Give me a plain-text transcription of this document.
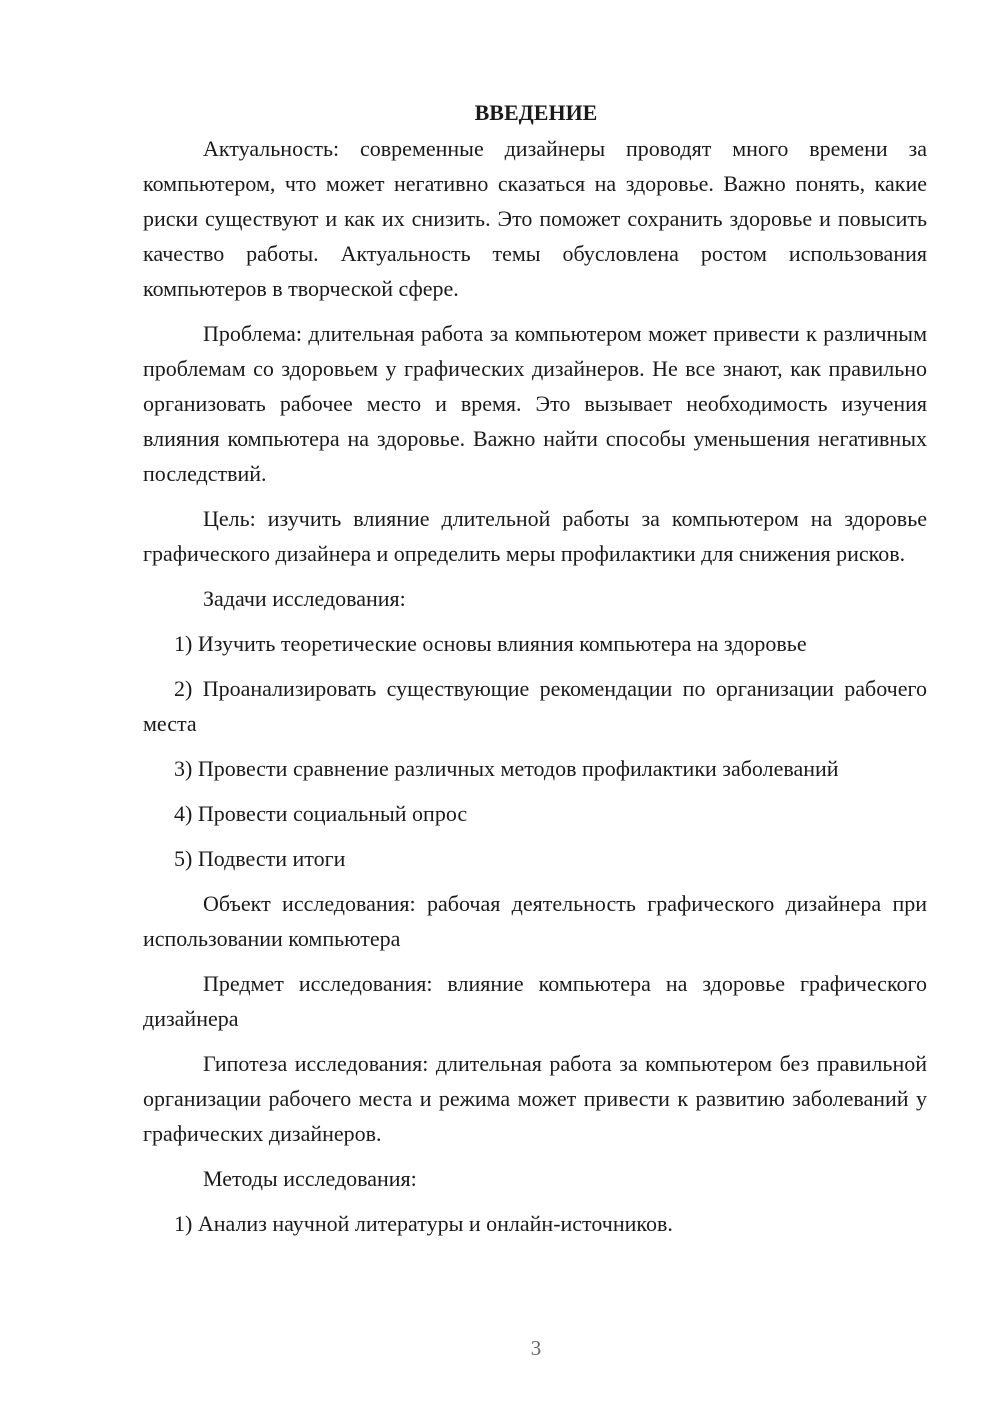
ВВЕДЕНИЕ

Актуальность: современные дизайнеры проводят много времени за компьютером, что может негативно сказаться на здоровье. Важно понять, какие риски существуют и как их снизить. Это поможет сохранить здоровье и повысить качество работы. Актуальность темы обусловлена ростом использования компьютеров в творческой сфере.

Проблема: длительная работа за компьютером может привести к различным проблемам со здоровьем у графических дизайнеров. Не все знают, как правильно организовать рабочее место и время. Это вызывает необходимость изучения влияния компьютера на здоровье. Важно найти способы уменьшения негативных последствий.

Цель: изучить влияние длительной работы за компьютером на здоровье графического дизайнера и определить меры профилактики для снижения рисков.

Задачи исследования:

1) Изучить теоретические основы влияния компьютера на здоровье

2) Проанализировать существующие рекомендации по организации рабочего места

3) Провести сравнение различных методов профилактики заболеваний

4) Провести социальный опрос

5) Подвести итоги

Объект исследования: рабочая деятельность графического дизайнера при использовании компьютера

Предмет исследования: влияние компьютера на здоровье графического дизайнера

Гипотеза исследования: длительная работа за компьютером без правильной организации рабочего места и режима может привести к развитию заболеваний у графических дизайнеров.

Методы исследования:

1) Анализ научной литературы и онлайн-источников.

3
